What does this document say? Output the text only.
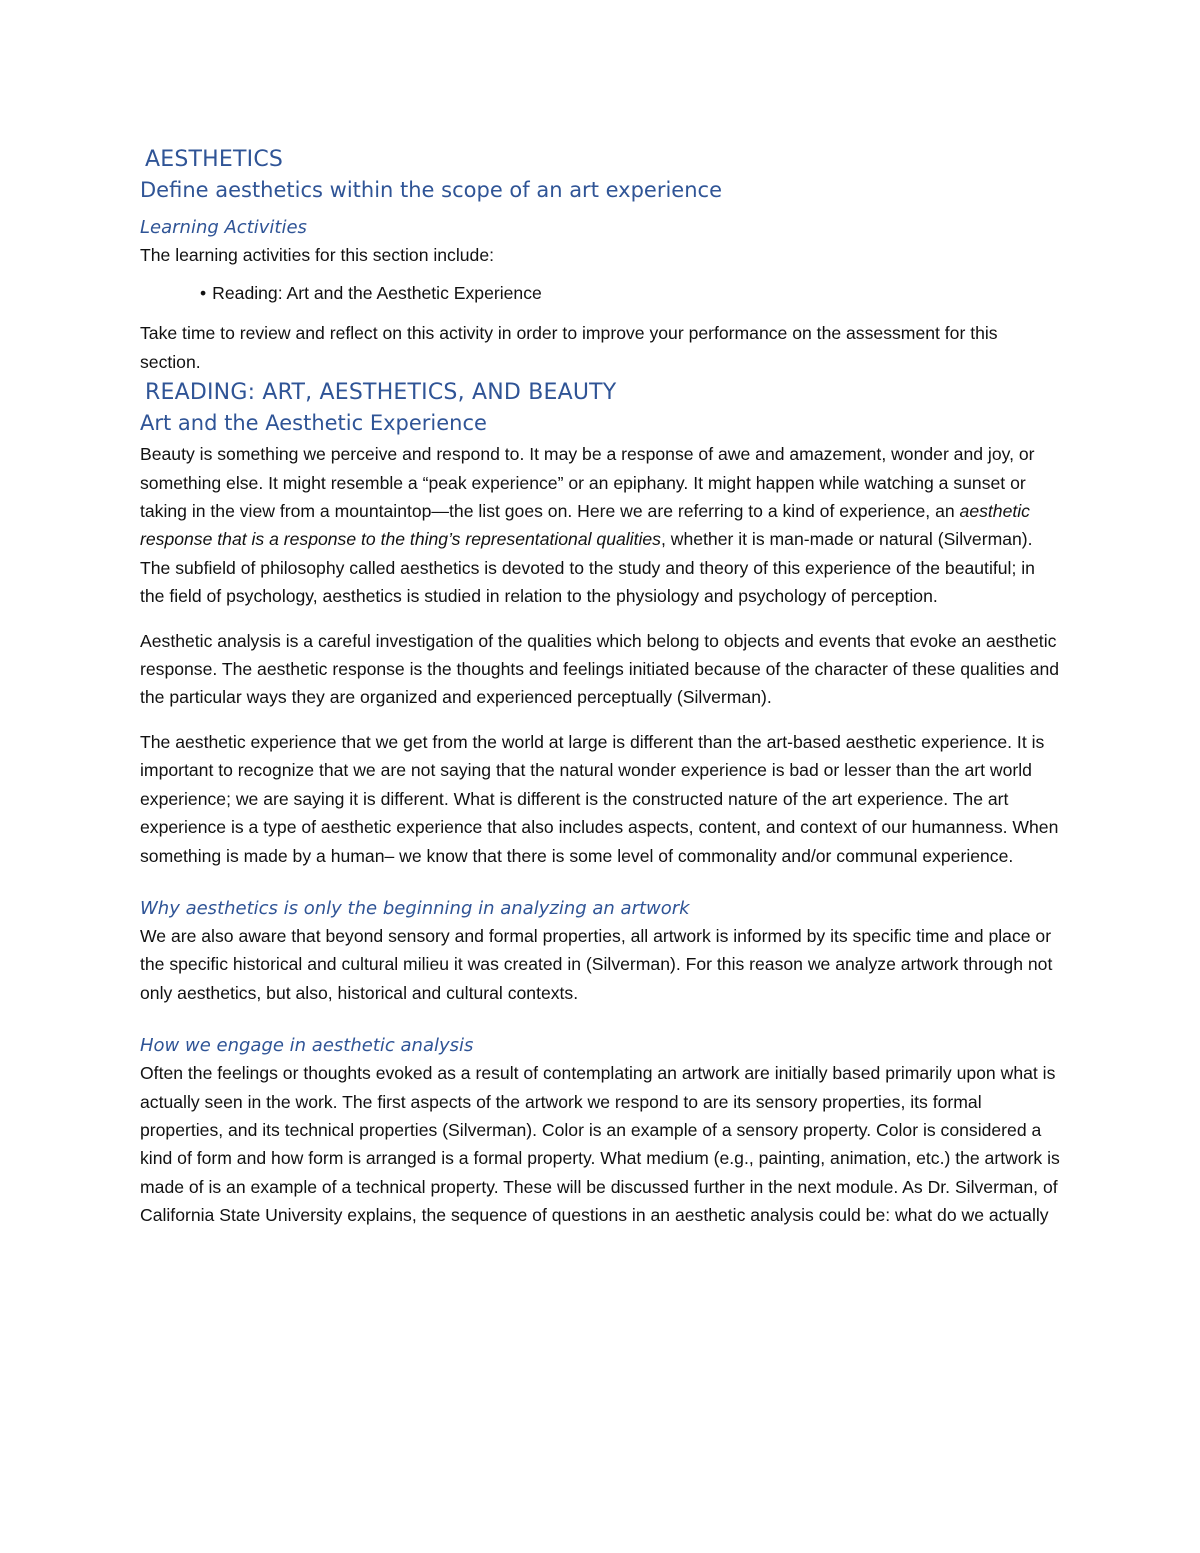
AESTHETICS
Define aesthetics within the scope of an art experience
Learning Activities

The learning activities for this section include:

• Reading: Art and the Aesthetic Experience

Take time to review and reflect on this activity in order to improve your performance on the assessment for this section.

READING: ART, AESTHETICS, AND BEAUTY
Art and the Aesthetic Experience

Beauty is something we perceive and respond to. It may be a response of awe and amazement, wonder and joy, or something else. It might resemble a “peak experience” or an epiphany. It might happen while watching a sunset or taking in the view from a mountaintop—the list goes on. Here we are referring to a kind of experience, an aesthetic response that is a response to the thing’s representational qualities, whether it is man-made or natural (Silverman). The subfield of philosophy called aesthetics is devoted to the study and theory of this experience of the beautiful; in the field of psychology, aesthetics is studied in relation to the physiology and psychology of perception.

Aesthetic analysis is a careful investigation of the qualities which belong to objects and events that evoke an aesthetic response. The aesthetic response is the thoughts and feelings initiated because of the character of these qualities and the particular ways they are organized and experienced perceptually (Silverman).

The aesthetic experience that we get from the world at large is different than the art-based aesthetic experience. It is important to recognize that we are not saying that the natural wonder experience is bad or lesser than the art world experience; we are saying it is different. What is different is the constructed nature of the art experience. The art experience is a type of aesthetic experience that also includes aspects, content, and context of our humanness. When something is made by a human– we know that there is some level of commonality and/or communal experience.

Why aesthetics is only the beginning in analyzing an artwork

We are also aware that beyond sensory and formal properties, all artwork is informed by its specific time and place or the specific historical and cultural milieu it was created in (Silverman). For this reason we analyze artwork through not only aesthetics, but also, historical and cultural contexts.

How we engage in aesthetic analysis

Often the feelings or thoughts evoked as a result of contemplating an artwork are initially based primarily upon what is actually seen in the work. The first aspects of the artwork we respond to are its sensory properties, its formal properties, and its technical properties (Silverman). Color is an example of a sensory property. Color is considered a kind of form and how form is arranged is a formal property. What medium (e.g., painting, animation, etc.) the artwork is made of is an example of a technical property. These will be discussed further in the next module. As Dr. Silverman, of California State University explains, the sequence of questions in an aesthetic analysis could be: what do we actually
